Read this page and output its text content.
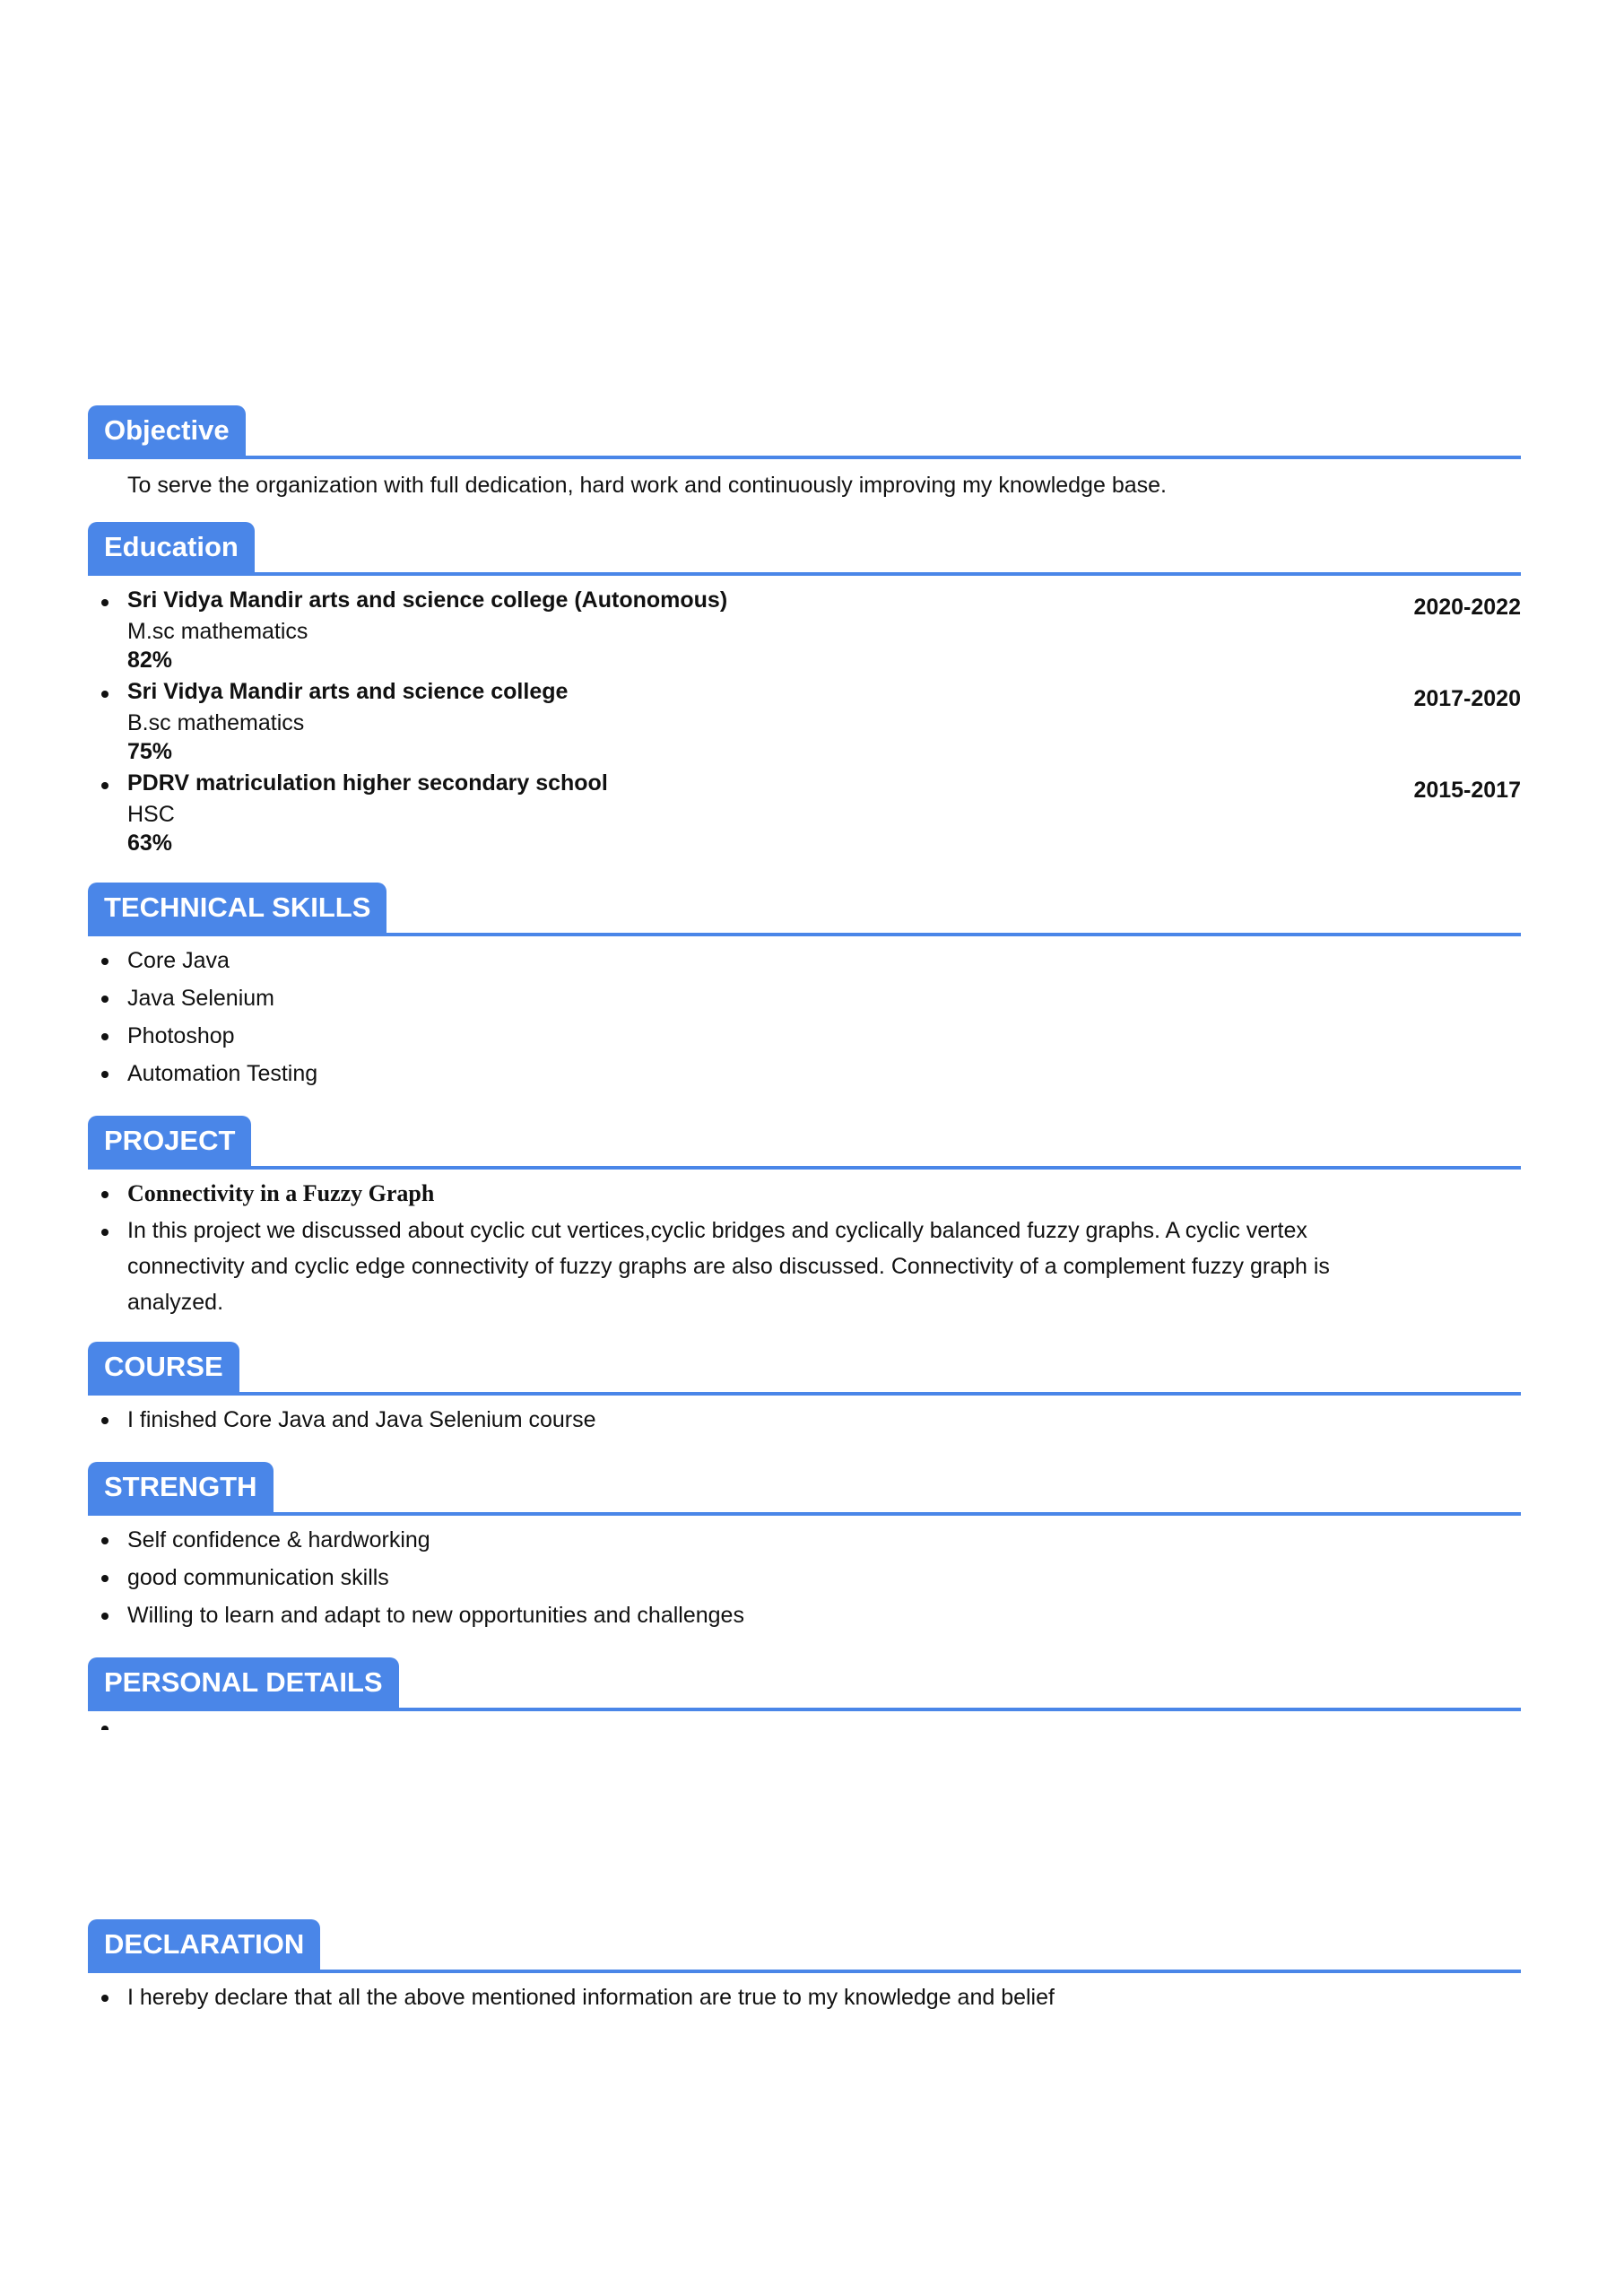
Objective
To serve the organization with full dedication, hard work and continuously improving my knowledge base.
Education
Sri Vidya Mandir arts and science college (Autonomous)
M.sc mathematics
82%
2020-2022
Sri Vidya Mandir arts and science college
B.sc mathematics
75%
2017-2020
PDRV matriculation higher secondary school
HSC
63%
2015-2017
TECHNICAL SKILLS
Core Java
Java Selenium
Photoshop
Automation Testing
PROJECT
Connectivity in a Fuzzy Graph
In this project we discussed about cyclic cut vertices,cyclic bridges and cyclically balanced fuzzy graphs. A cyclic vertex connectivity and cyclic edge connectivity of fuzzy graphs are also discussed. Connectivity of a complement fuzzy graph is analyzed.
COURSE
I finished Core Java and Java Selenium course
STRENGTH
Self confidence & hardworking
good communication skills
Willing to learn and adapt to new opportunities and challenges
PERSONAL DETAILS
DECLARATION
I hereby declare that all the above mentioned information are true to my knowledge and belief
